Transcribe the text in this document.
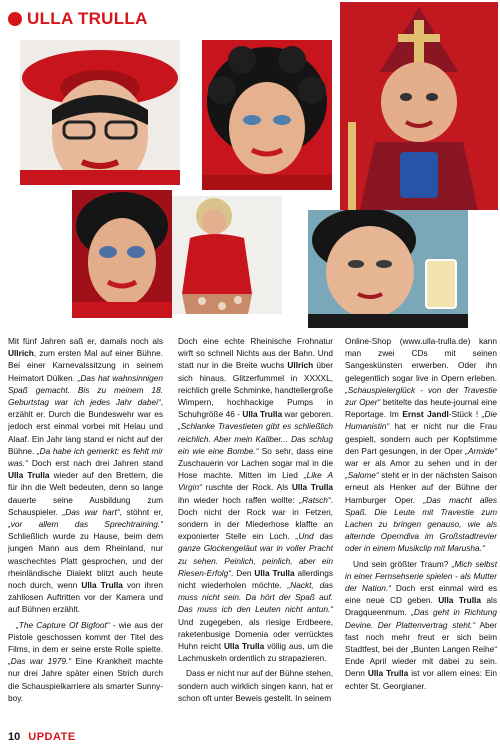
ULLA TRULLA

Mit fünf Jahren saß er, damals noch als Ullrich, zum ersten Mal auf einer Bühne. Bei einer Karnevalssitzung in seinem Heimatort Dülken. „Das hat wahnsinnigen Spaß gemacht. Bis zu meinem 18. Geburtstag war ich jedes Jahr dabei“, erzählt er. Durch die Bundeswehr war es jedoch erst einmal vorbei mit Helau und Alaaf. Ein Jahr lang stand er nicht auf der Bühne. „Da habe ich gemerkt: es fehlt mir was.“ Doch erst nach drei Jahren stand Ulla Trulla wieder auf den Brettern, die für ihn die Welt bedeuten, denn so lange dauerte seine Ausbildung zum Schauspieler. „Das war hart“, stöhnt er, „vor allem das Sprechtraining.“ Schließlich wurde zu Hause, beim dem jungen Mann aus dem Rheinland, nur waschechtes Platt gesprochen, und der rheinländische Dialekt blitzt auch heute noch durch, wenn Ulla Trulla von ihren zahllosen Auftritten vor der Kamera und auf Bühnen erzählt.

„The Capture Of Bigfoot“ - wie aus der Pistole geschossen kommt der Titel des Films, in dem er seine erste Rolle spielte. „Das war 1979.“ Eine Krankheit machte nur drei Jahre später einen Strich durch die Schauspielkarriere als smarter Sunny-boy.

Doch eine echte Rheinische Frohnatur wirft so schnell Nichts aus der Bahn. Und statt nur in die Breite wuchs Ullrich über sich hinaus. Glitzerfummel in XXXXL, reichlich grelle Schminke, handtellergroße Wimpern, hochhackige Pumps in Schuhgröße 46 - Ulla Trulla war geboren. „Schlanke Travestieten gibt es schließlich reichlich. Aber mein Kaliber... Das schlug ein wie eine Bombe.“ So sehr, dass eine Zuschauerin vor Lachen sogar mal in die Hose machte. Mitten im Lied „Like A Virgin“ ruschte der Rock. Als Ulla Trulla ihn wieder hoch raffen wollte: „Ratsch“. Doch nicht der Rock war in Fetzen, sondern in der Miederhose klaffte an exponierter Stelle ein Loch. „Und das ganze Glockengeläut war in voller Pracht zu sehen. Peinlich, peinlich, aber ein Riesen-Erfolg“. Den Ulla Trulla allerdings nicht wiederholen möchte. „Nackt, das muss nicht sein. Da hört der Spaß auf. Das muss ich den Leuten nicht antun.“ Und zugegeben, als riesige Erdbeere, raketenbusige Domenia oder verrücktes Huhn reicht Ulla Trulla völlig aus, um die Lachmuskeln ordentlich zu strapazieren.

Dass er nicht nur auf der Bühne stehen, sondern auch wirklich singen kann, hat er schon oft unter Beweis gestellt. In seinem

Online-Shop (www.ulla-trulla.de) kann man zwei CDs mit seinen Sangeskünsten erwerben. Oder ihn gelegentlich sogar live in Opern erleben. „Schauspielerglück - von der Travestie zur Oper“ betitelte das heute-journal eine Reportage. Im Ernst Jandl-Stück ! „Die Humanistin“ hat er nicht nur die Frau gespielt, sondern auch per Kopfstimme den Part gesungen, in der Oper „Armide“ war er als Amor zu sehen und in der „Salome“ steht er in der nächsten Saison erneut als Henker auf der Bühne der Hamburger Oper. „Das macht alles Spaß. Die Leute mit Travestie zum Lachen zu bringen genauso, wie als alternde Operndiva im Großstadtrevier oder in einem Musikclip mit Marusha.“

Und sein größter Traum? „Mich selbst in einer Fernsehserie spielen - als Mutter der Nation.“ Doch erst einmal wird es eine neue CD geben. Ulla Trulla als Dragqueenmum. „Das geht in Richtung Devine. Der Plattenvertrag steht.“ Aber fast noch mehr freut er sich beim Stadtfest, bei der „Bunten Langen Reihe“ Ende April wieder mit dabei zu sein. Denn Ulla Trulla ist vor allem eines: Ein echter St. Georgianer.

10 UPDATE
